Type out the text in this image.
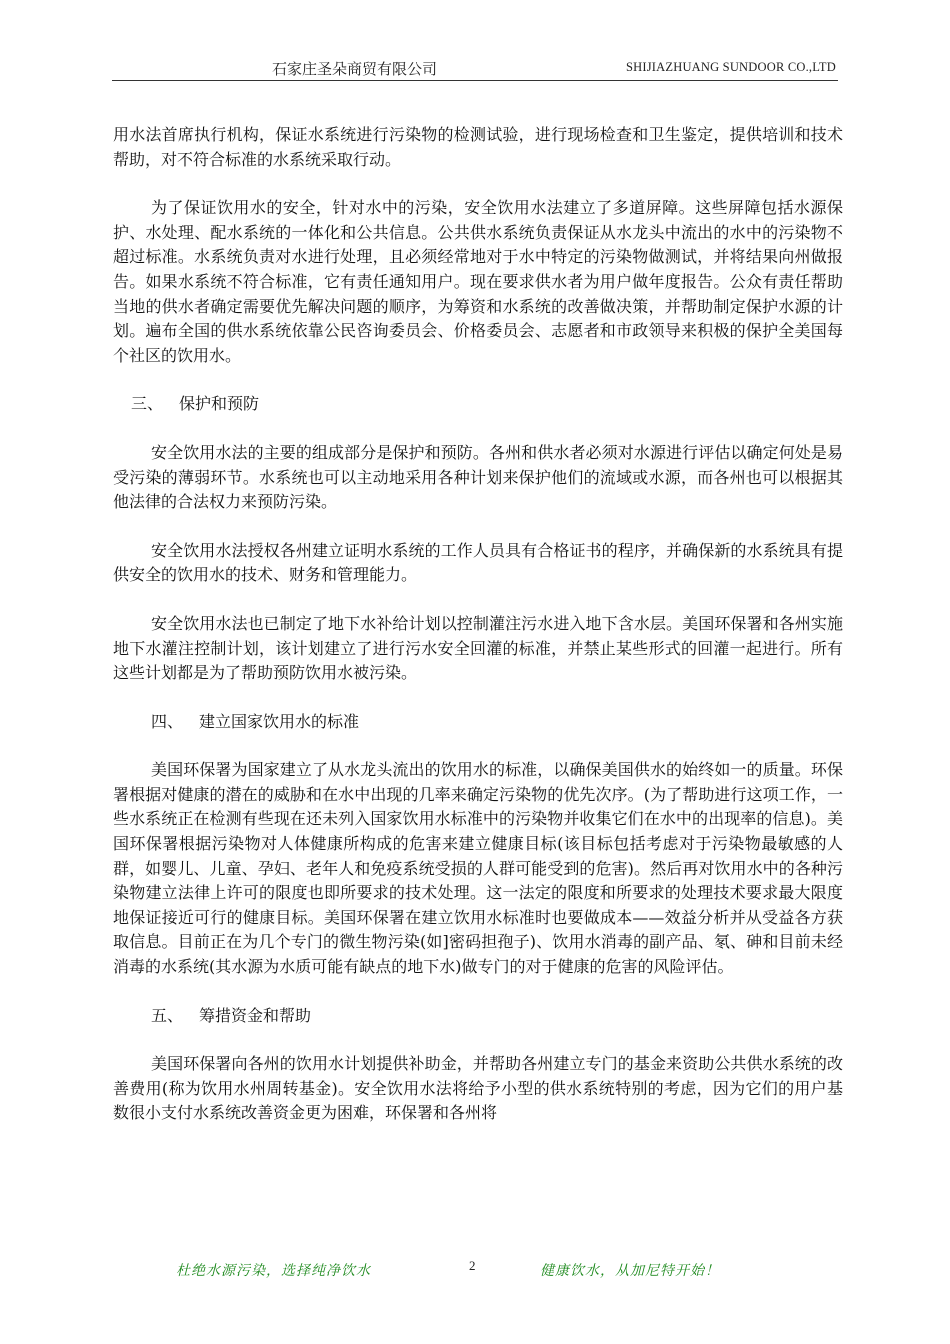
石家庄圣朵商贸有限公司	SHIJIAZHUANG SUNDOOR CO.,LTD

用水法首席执行机构，保证水系统进行污染物的检测试验，进行现场检查和卫生鉴定，提供培训和技术帮助，对不符合标准的水系统采取行动。

为了保证饮用水的安全，针对水中的污染，安全饮用水法建立了多道屏障。这些屏障包括水源保护、水处理、配水系统的一体化和公共信息。公共供水系统负责保证从水龙头中流出的水中的污染物不超过标准。水系统负责对水进行处理，且必须经常地对于水中特定的污染物做测试，并将结果向州做报告。如果水系统不符合标准，它有责任通知用户。现在要求供水者为用户做年度报告。公众有责任帮助当地的供水者确定需要优先解决问题的顺序，为筹资和水系统的改善做决策，并帮助制定保护水源的计划。遍布全国的供水系统依靠公民咨询委员会、价格委员会、志愿者和市政领导来积极的保护全美国每个社区的饮用水。

三、 保护和预防

安全饮用水法的主要的组成部分是保护和预防。各州和供水者必须对水源进行评估以确定何处是易受污染的薄弱环节。水系统也可以主动地采用各种计划来保护他们的流域或水源，而各州也可以根据其他法律的合法权力来预防污染。

安全饮用水法授权各州建立证明水系统的工作人员具有合格证书的程序，并确保新的水系统具有提供安全的饮用水的技术、财务和管理能力。

安全饮用水法也已制定了地下水补给计划以控制灌注污水进入地下含水层。美国环保署和各州实施地下水灌注控制计划，该计划建立了进行污水安全回灌的标准，并禁止某些形式的回灌一起进行。所有这些计划都是为了帮助预防饮用水被污染。

四、 建立国家饮用水的标准

美国环保署为国家建立了从水龙头流出的饮用水的标准，以确保美国供水的始终如一的质量。环保署根据对健康的潜在的威胁和在水中出现的几率来确定污染物的优先次序。(为了帮助进行这项工作，一些水系统正在检测有些现在还未列入国家饮用水标准中的污染物并收集它们在水中的出现率的信息)。美国环保署根据污染物对人体健康所构成的危害来建立健康目标(该目标包括考虑对于污染物最敏感的人群，如婴儿、儿童、孕妇、老年人和免疫系统受损的人群可能受到的危害)。然后再对饮用水中的各种污染物建立法律上许可的限度也即所要求的技术处理。这一法定的限度和所要求的处理技术要求最大限度地保证接近可行的健康目标。美国环保署在建立饮用水标准时也要做成本——效益分析并从受益各方获取信息。目前正在为几个专门的微生物污染(如]密码担孢子)、饮用水消毒的副产品、氡、砷和目前未经消毒的水系统(其水源为水质可能有缺点的地下水)做专门的对于健康的危害的风险评估。

五、 筹措资金和帮助

美国环保署向各州的饮用水计划提供补助金，并帮助各州建立专门的基金来资助公共供水系统的改善费用(称为饮用水州周转基金)。安全饮用水法将给予小型的供水系统特别的考虑，因为它们的用户基数很小支付水系统改善资金更为困难，环保署和各州将

杜绝水源污染，选择纯净饮水	2	健康饮水，从加尼特开始！
